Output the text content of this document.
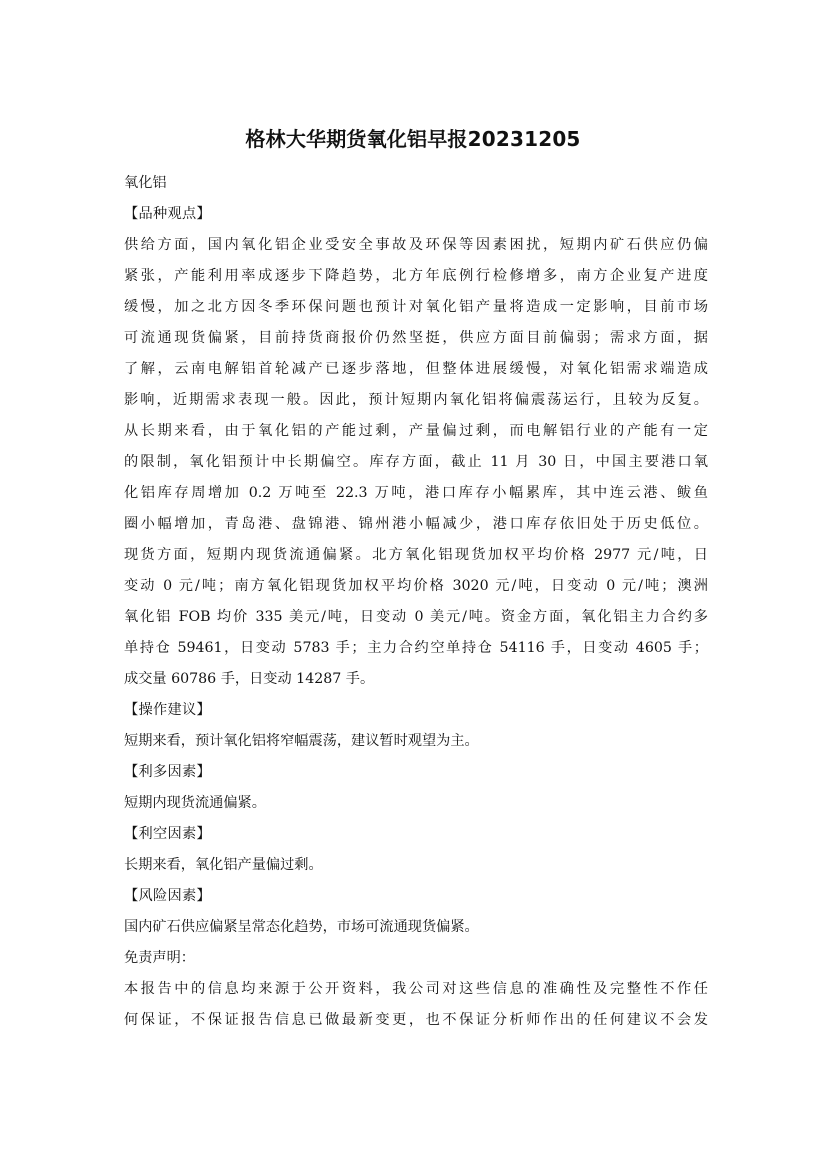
格林大华期货氧化铝早报20231205
氧化铝
【品种观点】
供给方面，国内氧化铝企业受安全事故及环保等因素困扰，短期内矿石供应仍偏
紧张，产能利用率成逐步下降趋势，北方年底例行检修增多，南方企业复产进度
缓慢，加之北方因冬季环保问题也预计对氧化铝产量将造成一定影响，目前市场
可流通现货偏紧，目前持货商报价仍然坚挺，供应方面目前偏弱；需求方面，据
了解，云南电解铝首轮减产已逐步落地，但整体进展缓慢，对氧化铝需求端造成
影响，近期需求表现一般。因此，预计短期内氧化铝将偏震荡运行，且较为反复。
从长期来看，由于氧化铝的产能过剩，产量偏过剩，而电解铝行业的产能有一定
的限制，氧化铝预计中长期偏空。库存方面，截止 11 月 30 日，中国主要港口氧
化铝库存周增加 0.2 万吨至 22.3 万吨，港口库存小幅累库，其中连云港、鲅鱼
圈小幅增加，青岛港、盘锦港、锦州港小幅减少，港口库存依旧处于历史低位。
现货方面，短期内现货流通偏紧。北方氧化铝现货加权平均价格 2977 元/吨，日
变动 0 元/吨；南方氧化铝现货加权平均价格 3020 元/吨，日变动 0 元/吨；澳洲
氧化铝 FOB 均价 335 美元/吨，日变动 0 美元/吨。资金方面，氧化铝主力合约多
单持仓 59461，日变动 5783 手；主力合约空单持仓 54116 手，日变动 4605 手；
成交量 60786 手，日变动 14287 手。
【操作建议】
短期来看，预计氧化铝将窄幅震荡，建议暂时观望为主。
【利多因素】
短期内现货流通偏紧。
【利空因素】
长期来看，氧化铝产量偏过剩。
【风险因素】
国内矿石供应偏紧呈常态化趋势，市场可流通现货偏紧。
免责声明：
本报告中的信息均来源于公开资料，我公司对这些信息的准确性及完整性不作任
何保证，不保证报告信息已做最新变更，也不保证分析师作出的任何建议不会发
